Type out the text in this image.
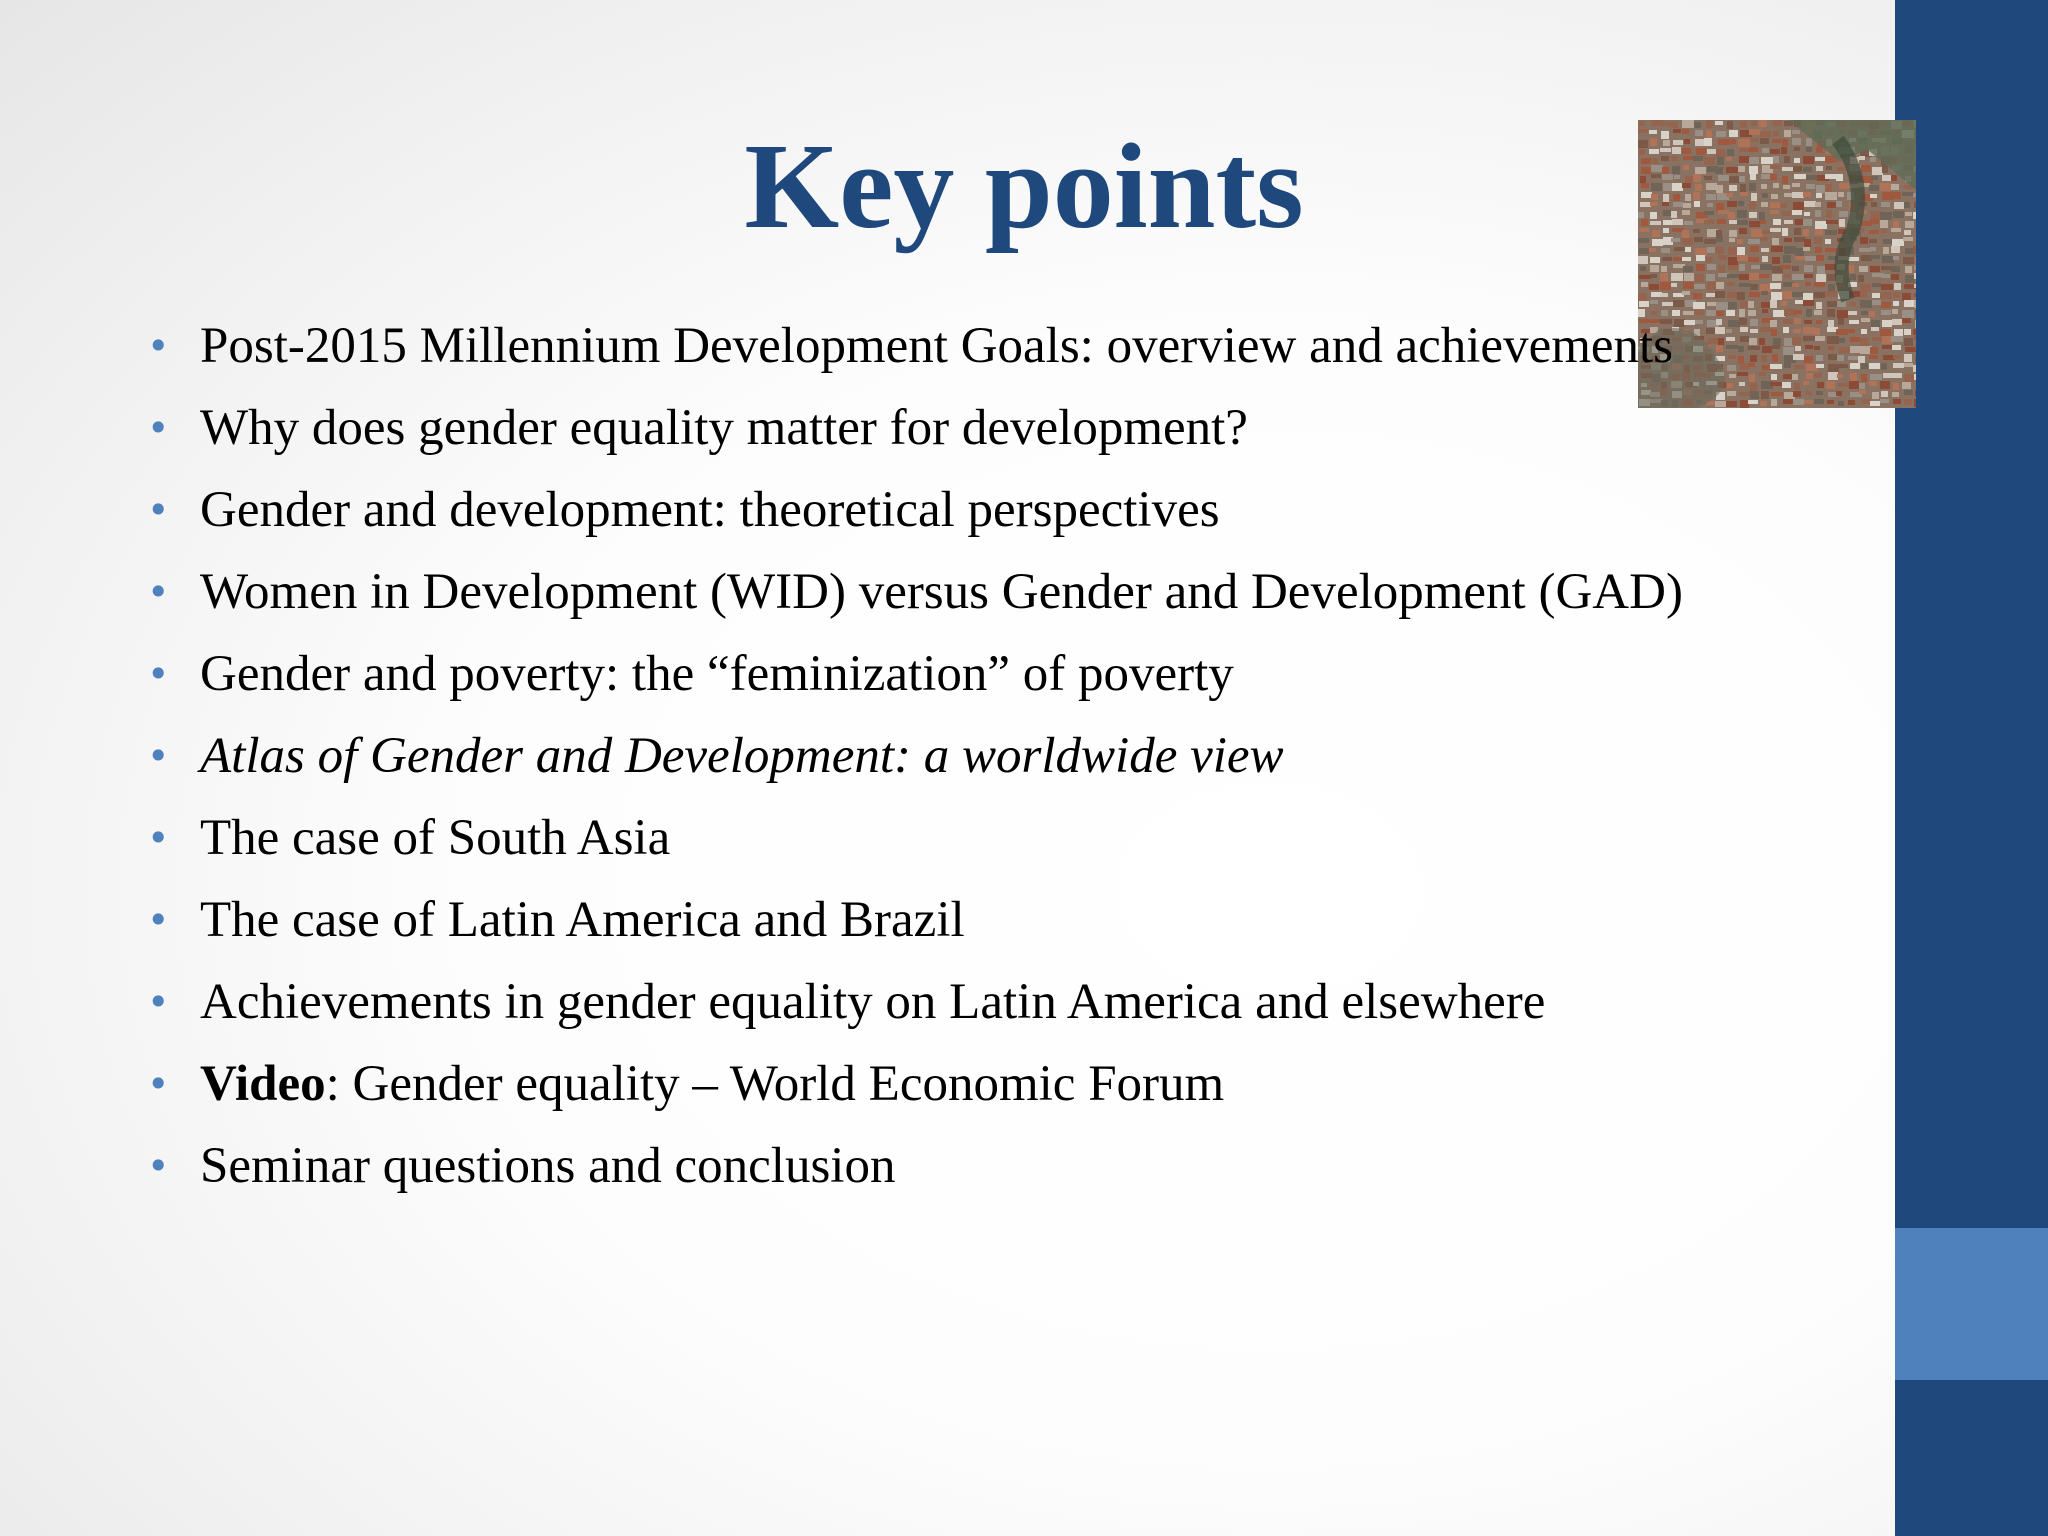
Key points
• Post-2015 Millennium Development Goals: overview and achievements
• Why does gender equality matter for development?
• Gender and development: theoretical perspectives
• Women in Development (WID) versus Gender and Development (GAD)
• Gender and poverty: the “feminization” of poverty
• Atlas of Gender and Development: a worldwide view
• The case of South Asia
• The case of Latin America and Brazil
• Achievements in gender equality on Latin America and elsewhere
• Video: Gender equality – World Economic Forum
• Seminar questions and conclusion
